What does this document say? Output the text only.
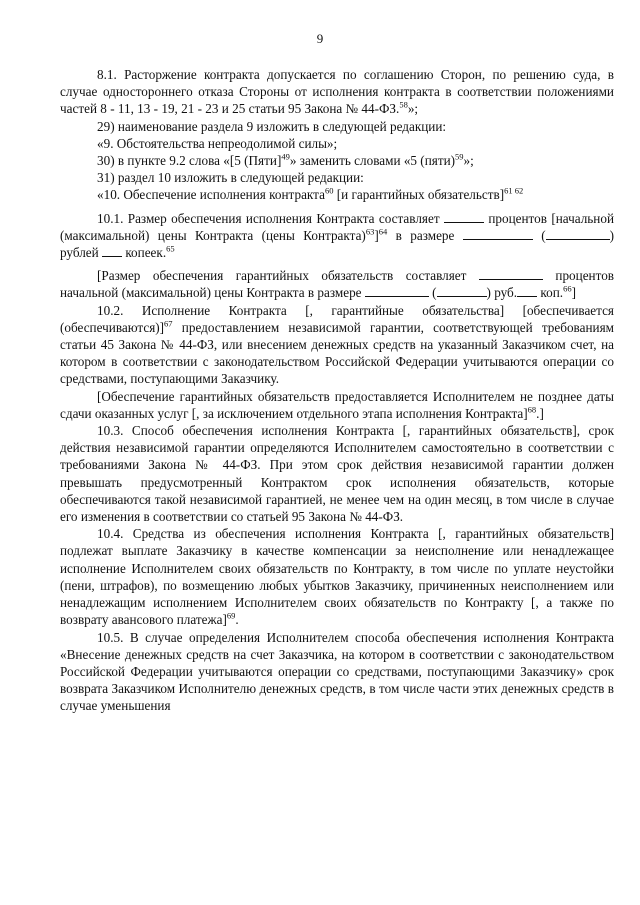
9

8.1. Расторжение контракта допускается по соглашению Сторон, по решению суда, в случае одностороннего отказа Стороны от исполнения контракта в соответствии положениями частей 8 - 11, 13 - 19, 21 - 23 и 25 статьи 95 Закона № 44-ФЗ.$^{58}$»;

29) наименование раздела 9 изложить в следующей редакции:

«9. Обстоятельства непреодолимой силы»;

30) в пункте 9.2 слова «[5 (Пяти]$^{49}$» заменить словами «5 (пяти)$^{59}$»;

31) раздел 10 изложить в следующей редакции:

«10. Обеспечение исполнения контракта$^{60}$ [и гарантийных обязательств]$^{61 62}$

10.1. Размер обеспечения исполнения Контракта составляет	процентов [начальной (максимальной) цены Контракта (цены Контракта)$^{63}$]$^{64}$ в размере	(	) рублей копеек.$^{65}$

[Размер обеспечения гарантийных обязательств составляет	процентов начальной (максимальной) цены Контракта в размере	(	) руб. коп.$^{66}$]

10.2. Исполнение Контракта [, гарантийные обязательства] [обеспечивается (обеспечиваются)]$^{67}$ предоставлением независимой гарантии, соответствующей требованиям статьи 45 Закона № 44-ФЗ, или внесением денежных средств на указанный Заказчиком счет, на котором в соответствии с законодательством Российской Федерации учитываются операции со средствами, поступающими Заказчику.

[Обеспечение гарантийных обязательств предоставляется Исполнителем не позднее даты сдачи оказанных услуг [, за исключением отдельного этапа исполнения Контракта]$^{68}$.]

10.3. Способ обеспечения исполнения Контракта [, гарантийных обязательств], срок действия независимой гарантии определяются Исполнителем самостоятельно в соответствии с требованиями Закона № 44-ФЗ. При этом срок действия независимой гарантии должен превышать предусмотренный Контрактом срок исполнения обязательств, которые обеспечиваются такой независимой гарантией, не менее чем на один месяц, в том числе в случае его изменения в соответствии со статьей 95 Закона № 44-ФЗ.

10.4. Средства из обеспечения исполнения Контракта [, гарантийных обязательств] подлежат выплате Заказчику в качестве компенсации за неисполнение или ненадлежащее исполнение Исполнителем своих обязательств по Контракту, в том числе по уплате неустойки (пени, штрафов), по возмещению любых убытков Заказчику, причиненных неисполнением или ненадлежащим исполнением Исполнителем своих обязательств по Контракту [, а также по возврату авансового платежа]$^{69}$.

10.5. В случае определения Исполнителем способа обеспечения исполнения Контракта «Внесение денежных средств на счет Заказчика, на котором в соответствии с законодательством Российской Федерации учитываются операции со средствами, поступающими Заказчику» срок возврата Заказчиком Исполнителю денежных средств, в том числе части этих денежных средств в случае уменьшения
